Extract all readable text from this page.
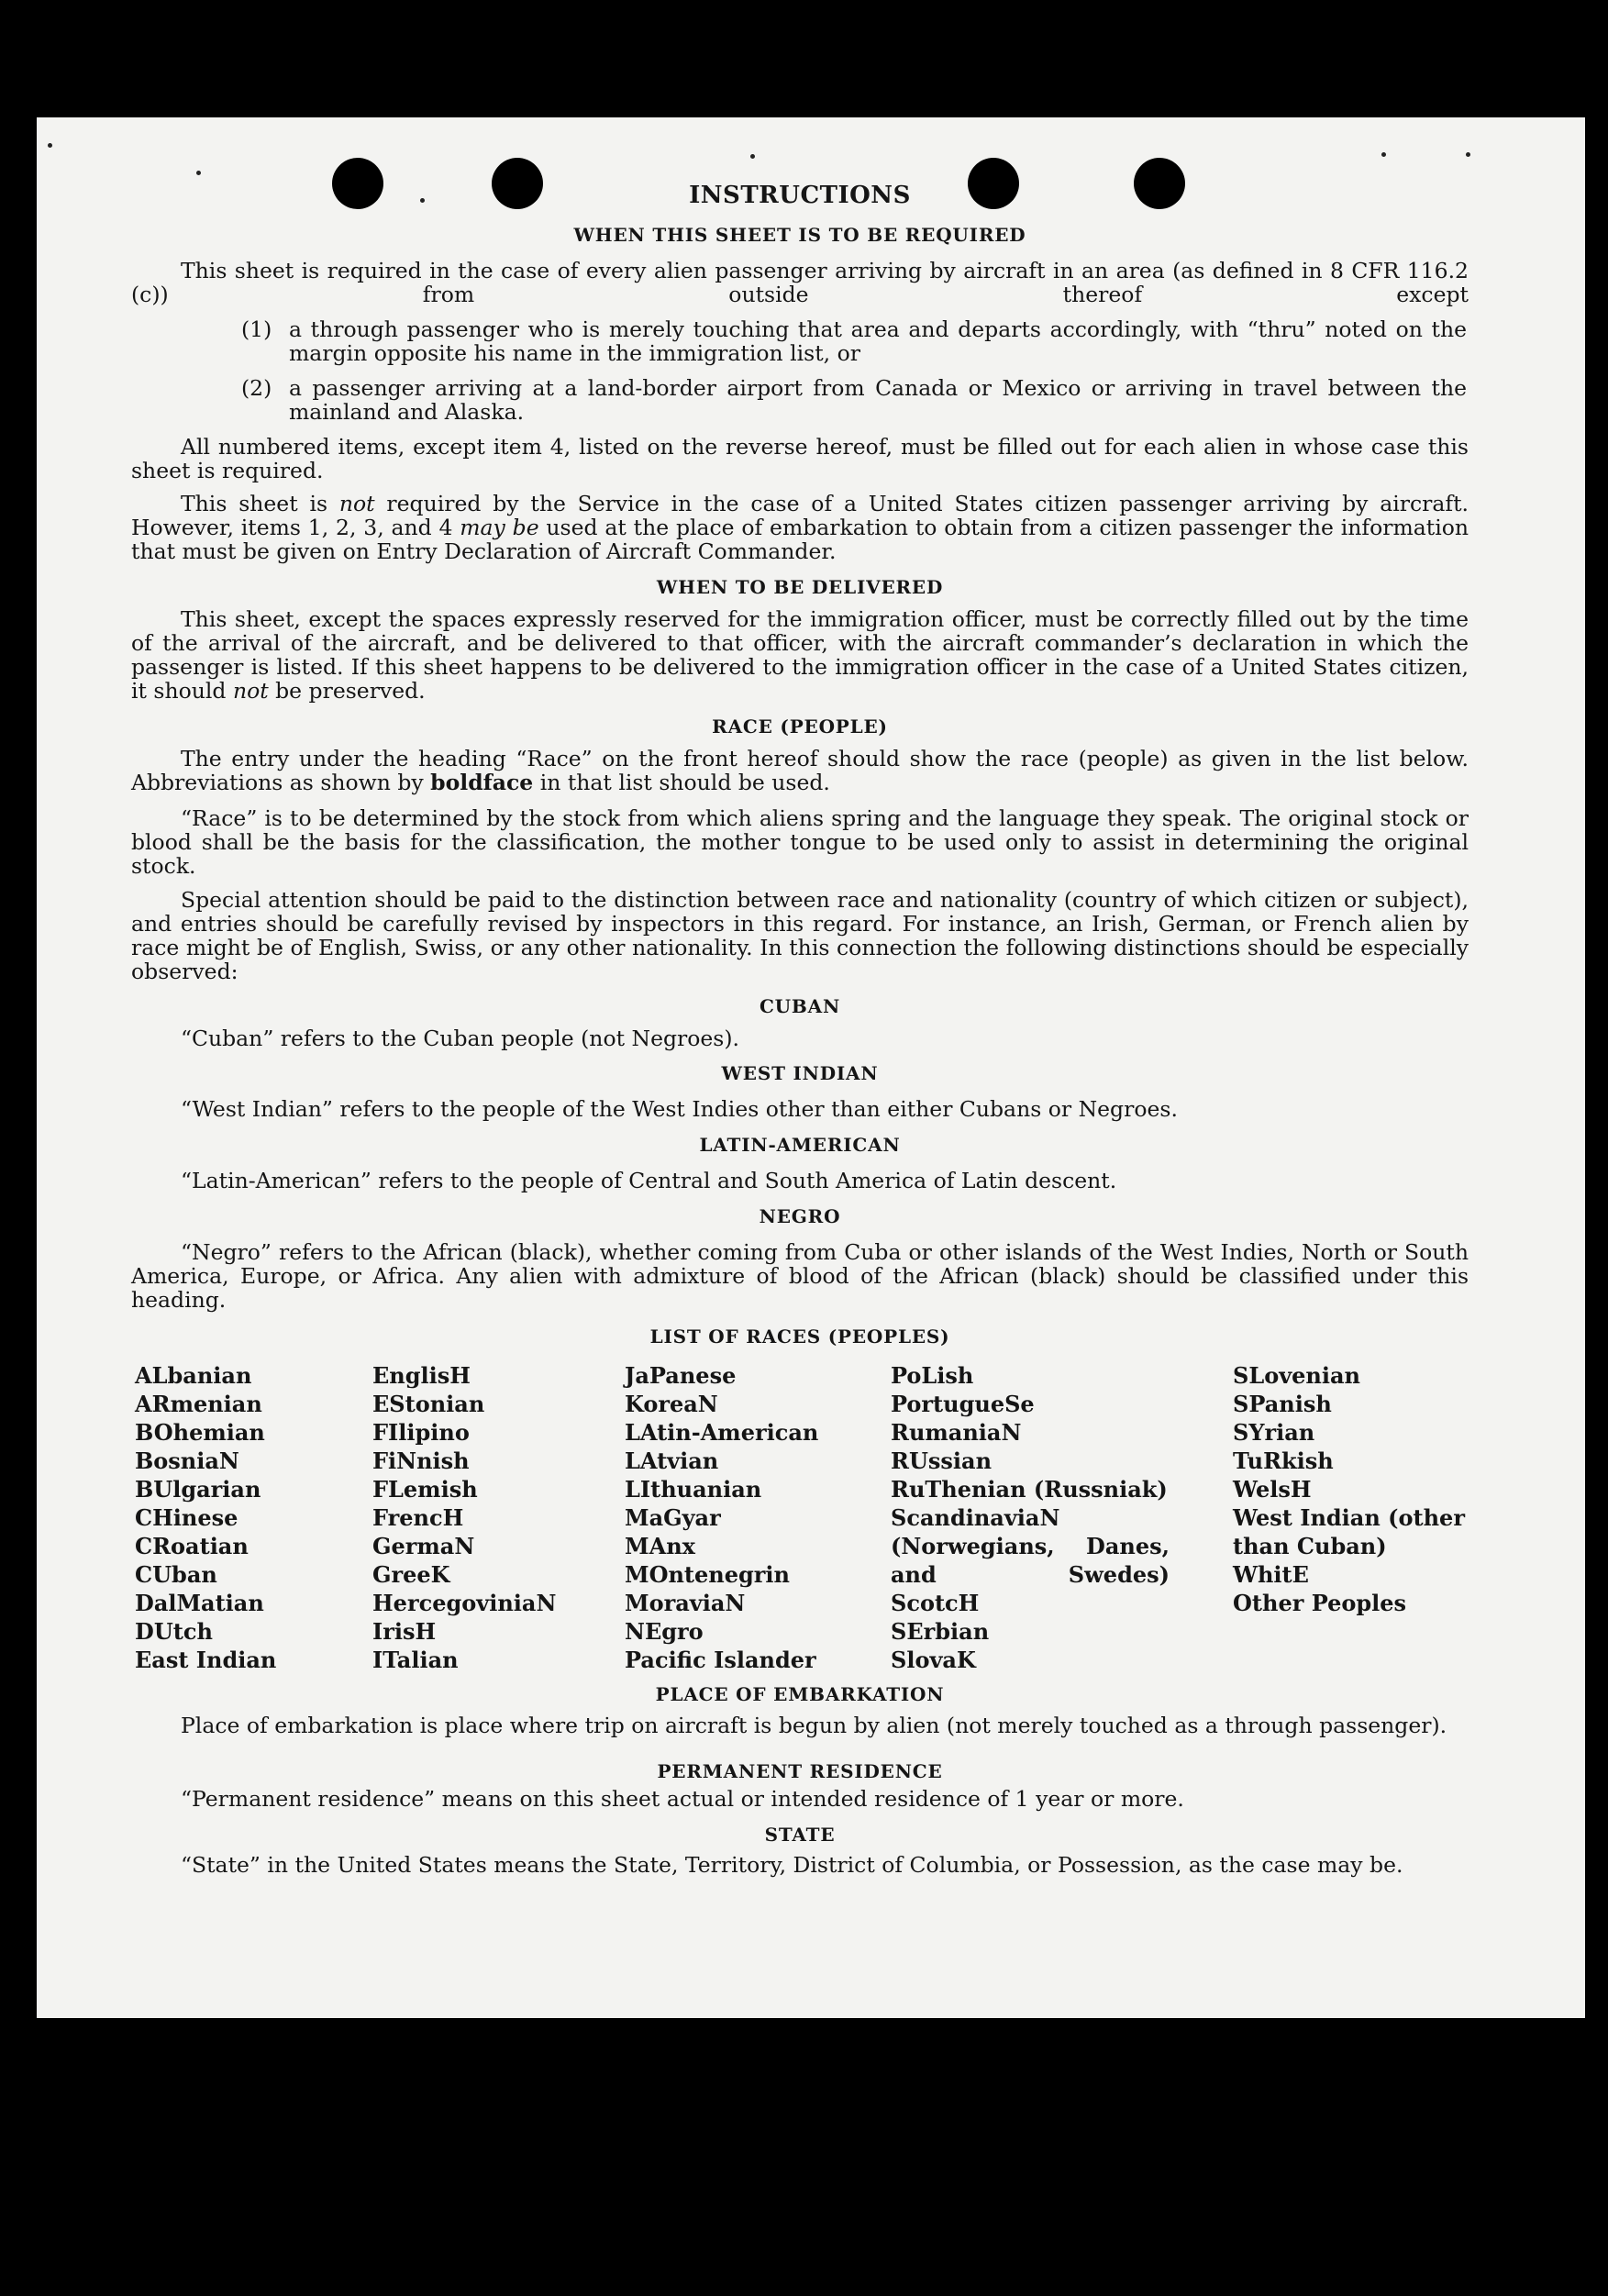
INSTRUCTIONS
WHEN THIS SHEET IS TO BE REQUIRED
This sheet is required in the case of every alien passenger arriving by aircraft in an area (as defined in 8 CFR 116.2 (c)) from outside thereof except
(1) a through passenger who is merely touching that area and departs accordingly, with “thru” noted on the margin opposite his name in the immigration list, or
(2) a passenger arriving at a land-border airport from Canada or Mexico or arriving in travel between the mainland and Alaska.
All numbered items, except item 4, listed on the reverse hereof, must be filled out for each alien in whose case this sheet is required.
This sheet is not required by the Service in the case of a United States citizen passenger arriving by aircraft. However, items 1, 2, 3, and 4 may be used at the place of embarkation to obtain from a citizen passenger the information that must be given on Entry Declaration of Aircraft Commander.
WHEN TO BE DELIVERED
This sheet, except the spaces expressly reserved for the immigration officer, must be correctly filled out by the time of the arrival of the aircraft, and be delivered to that officer, with the aircraft commander’s declaration in which the passenger is listed. If this sheet happens to be delivered to the immigration officer in the case of a United States citizen, it should not be preserved.
RACE (PEOPLE)
The entry under the heading “Race” on the front hereof should show the race (people) as given in the list below. Abbreviations as shown by boldface in that list should be used.
“Race” is to be determined by the stock from which aliens spring and the language they speak. The original stock or blood shall be the basis for the classification, the mother tongue to be used only to assist in determining the original stock.
Special attention should be paid to the distinction between race and nationality (country of which citizen or subject), and entries should be carefully revised by inspectors in this regard. For instance, an Irish, German, or French alien by race might be of English, Swiss, or any other nationality. In this connection the following distinctions should be especially observed:
CUBAN
“Cuban” refers to the Cuban people (not Negroes).
WEST INDIAN
“West Indian” refers to the people of the West Indies other than either Cubans or Negroes.
LATIN-AMERICAN
“Latin-American” refers to the people of Central and South America of Latin descent.
NEGRO
“Negro” refers to the African (black), whether coming from Cuba or other islands of the West Indies, North or South America, Europe, or Africa. Any alien with admixture of blood of the African (black) should be classified under this heading.
LIST OF RACES (PEOPLES)
ALbanian
ARmenian
BOhemian
BosniaN
BUlgarian
CHinese
CRoatian
CUban
DalMatian
DUtch
East Indian
EnglisH
EStonian
FIlipino
FiNnish
FLemish
FrencH
GermaN
GreeK
HercegoviniaN
IrisH
ITalian
JaPanese
KoreaN
LAtin-American
LAtvian
LIthuanian
MaGyar
MAnx
MOntenegrin
MoraviaN
NEgro
Pacific Islander
PoLish
PortugueSe
RumaniaN
RUssian
RuThenian (Russniak)
ScandinaviaN (Norwegians, Danes, and Swedes)
ScotcH
SErbian
SlovaK
SLovenian
SPanish
SYrian
TuRkish
WelsH
West Indian (other than Cuban)
WhitE
Other Peoples
PLACE OF EMBARKATION
Place of embarkation is place where trip on aircraft is begun by alien (not merely touched as a through passenger).
PERMANENT RESIDENCE
“Permanent residence” means on this sheet actual or intended residence of 1 year or more.
STATE
“State” in the United States means the State, Territory, District of Columbia, or Possession, as the case may be.
